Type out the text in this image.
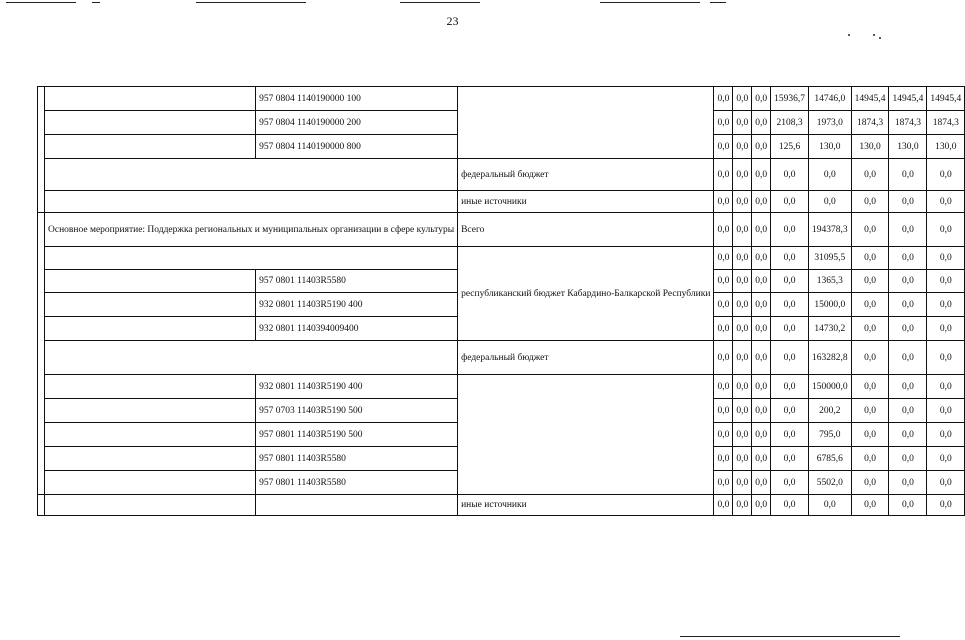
23
		957 0804 1140190000 100		0,0	0,0	0,0	15936,7	14746,0	14945,4	14945,4	14945,4
		957 0804 1140190000 200		0,0	0,0	0,0	2108,3	1973,0	1874,3	1874,3	1874,3
		957 0804 1140190000 800		0,0	0,0	0,0	125,6	130,0	130,0	130,0	130,0
			федеральный бюджет	0,0	0,0	0,0	0,0	0,0	0,0	0,0	0,0
			иные источники	0,0	0,0	0,0	0,0	0,0	0,0	0,0	0,0
	Основное мероприятие: Поддержка региональных и муниципальных организации в сфере культуры		Всего	0,0	0,0	0,0	0,0	194378,3	0,0	0,0	0,0
			республиканский бюджет Кабардино-Балкарской Республики	0,0	0,0	0,0	0,0	31095,5	0,0	0,0	0,0
		957 0801 11403R5580		0,0	0,0	0,0	0,0	1365,3	0,0	0,0	0,0
		932 0801 11403R5190 400		0,0	0,0	0,0	0,0	15000,0	0,0	0,0	0,0
		932 0801 1140394009400		0,0	0,0	0,0	0,0	14730,2	0,0	0,0	0,0
			федеральный бюджет	0,0	0,0	0,0	0,0	163282,8	0,0	0,0	0,0
		932 0801 11403R5190 400		0,0	0,0	0,0	0,0	150000,0	0,0	0,0	0,0
		957 0703 11403R5190 500		0,0	0,0	0,0	0,0	200,2	0,0	0,0	0,0
		957 0801 11403R5190 500		0,0	0,0	0,0	0,0	795,0	0,0	0,0	0,0
		957 0801 11403R5580		0,0	0,0	0,0	0,0	6785,6	0,0	0,0	0,0
		957 0801 11403R5580		0,0	0,0	0,0	0,0	5502,0	0,0	0,0	0,0
			иные источники	0,0	0,0	0,0	0,0	0,0	0,0	0,0	0,0
